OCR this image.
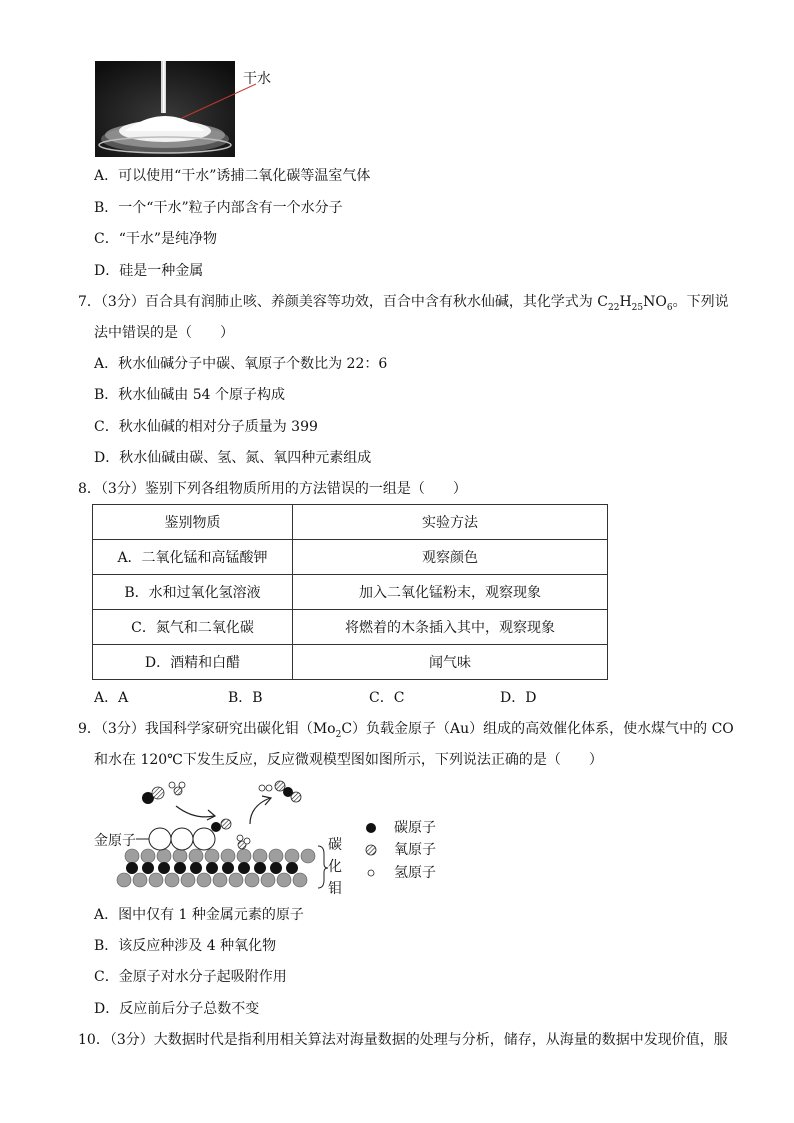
干水
A．可以使用“干水”诱捕二氧化碳等温室气体
B．一个“干水”粒子内部含有一个水分子
C．“干水”是纯净物
D．硅是一种金属
7．（3分）百合具有润肺止咳、养颜美容等功效，百合中含有秋水仙碱，其化学式为 $C_{22}H_{25}NO_6$。下列说
法中错误的是（　　）
A．秋水仙碱分子中碳、氧原子个数比为 22：6
B．秋水仙碱由 54 个原子构成
C．秋水仙碱的相对分子质量为 399
D．秋水仙碱由碳、氢、氮、氧四种元素组成
8．（3分）鉴别下列各组物质所用的方法错误的一组是（　　）
鉴别物质	实验方法
A．二氧化锰和高锰酸钾	观察颜色
B．水和过氧化氢溶液	加入二氧化锰粉末，观察现象
C．氮气和二氧化碳	将燃着的木条插入其中，观察现象
D．酒精和白醋	闻气味
A．A	B．B	C．C	D．D
9．（3分）我国科学家研究出碳化钼$(Mo_2C)$负载金原子（Au）组成的高效催化体系，使水煤气中的 CO
和水在 120℃下发生反应，反应微观模型图如图所示，下列说法正确的是（　　）
金原子	碳
化
钼
碳原子
氧原子
氢原子
A．图中仅有 1 种金属元素的原子
B．该反应种涉及 4 种氧化物
C．金原子对水分子起吸附作用
D．反应前后分子总数不变
10．（3分）大数据时代是指利用相关算法对海量数据的处理与分析，储存，从海量的数据中发现价值，服
